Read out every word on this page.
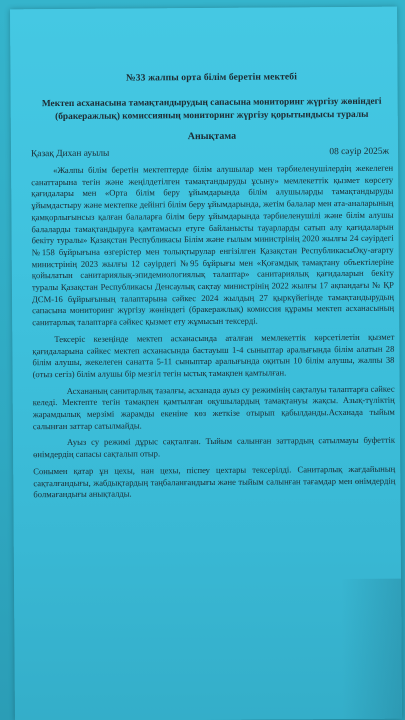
№33 жалпы орта білім беретін мектебі
Мектеп асханасына тамақтандырудың сапасына мониторинг жүргізу жөніндегі (бракеражлық) комиссияның мониторинг жүргізу қорытындысы туралы
Анықтама
Қазақ Дихан ауылы	08 сәуір 2025ж

«Жалпы білім беретін мектептерде білім алушылар мен тәрбиеленушілердің жекелеген санаттарына тегін және жеңілдетілген тамақтандыруды ұсыну» мемлекеттік қызмет көрсету қағидалары мен «Орта білім беру ұйымдарында білім алушыларды тамақтандыруды ұйымдастыру және мектепке дейінгі білім беру ұйымдарында, жетім балалар мен ата-аналарының қамқорлығынсыз қалған балаларға білім беру ұйымдарында тәрбиеленушілі және білім алушы балаларды тамақтандыруға қамтамасыз етуге байланысты тауарларды сатып алу қағидаларын бекіту туралы» Қазақстан Республикасы Білім және ғылым министрінің 2020 жылғы 24 сәуірдегі №158 бұйрығына өзгерістер мен толықтырулар енгізілген Қазақстан РеспубликасыОқу-ағарту министрінің 2023 жылғы 12 сәуірдегі №95 бұйрығы мен «Қоғамдық тамақтану объектілеріне қойылатын санитариялық-эпидемиологиялық талаптар» санитариялық қағидаларын бекіту туралы Қазақстан Республикасы Денсаулық сақтау министрінің 2022 жылғы 17 ақпандағы № ҚР ДСМ-16 бұйрығының талаптарына сәйкес 2024 жылдың 27 қыркүйегінде тамақтандырудың сапасына мониторинг жүргізу жөніндегі (бракеражлық) комиссия құрамы мектеп асханасының санитарлық талаптарға сәйкес қызмет ету жұмысын тексерді.

Тексеріс кезеңінде мектеп асханасында аталған мемлекеттік көрсетілетін қызмет қағидаларына сәйкес мектеп асханасында бастауыш 1-4 сыныптар аралығында білім алатын 28 білім алушы, жекелеген санатта 5-11 сыныптар аралығында оқитын 10 білім алушы, жалпы 38 (отыз сегіз) білім алушы бір мезгіл тегін ыстық тамақпен қамтылған.

Асхананың санитарлық тазалғы, асханада ауыз су режимінің сақталуы талаптарға сәйкес келеді. Мектепте тегін тамақпен қамтылған оқушылардың тамақтануы жақсы. Азық-түліктің жарамдылық мерзімі жарамды екеніне көз жеткізе отырып қабылданды.Асханада тыйым салынған заттар сатылмайды.

Ауыз су режимі дұрыс сақталған. Тыйым салынған заттардың сатылмауы буфеттік өнімдердің сапасы сақталып отыр.

Сонымен қатар ұн цехы, нан цехы, піспеу цехтары тексерілді. Санитарлық жағдайының сақталғандығы, жабдықтардың таңбаланғандығы және тыйым салынған тағамдар мен өнімдердің болмағандығы анықталды.
